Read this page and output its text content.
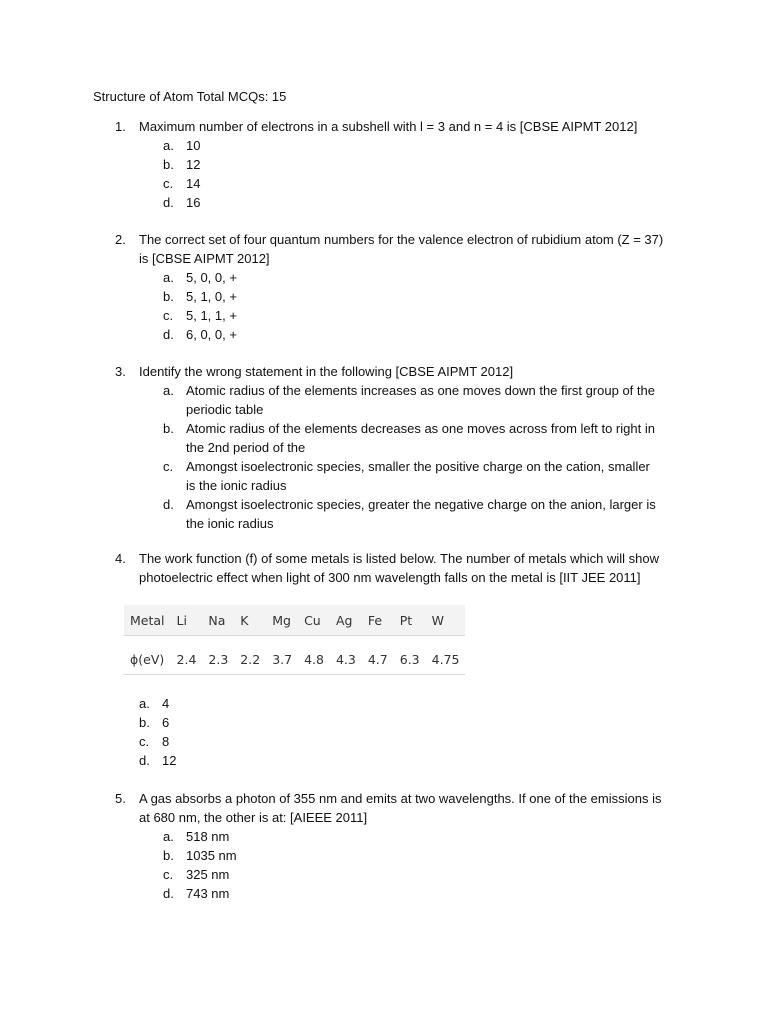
Structure of Atom Total MCQs: 15
1. Maximum number of electrons in a subshell with l = 3 and n = 4 is [CBSE AIPMT 2012]
a. 10
b. 12
c. 14
d. 16
2. The correct set of four quantum numbers for the valence electron of rubidium atom (Z = 37) is [CBSE AIPMT 2012]
a. 5, 0, 0, +
b. 5, 1, 0, +
c. 5, 1, 1, +
d. 6, 0, 0, +
3. Identify the wrong statement in the following [CBSE AIPMT 2012]
a. Atomic radius of the elements increases as one moves down the first group of the periodic table
b. Atomic radius of the elements decreases as one moves across from left to right in the 2nd period of the
c. Amongst isoelectronic species, smaller the positive charge on the cation, smaller is the ionic radius
d. Amongst isoelectronic species, greater the negative charge on the anion, larger is the ionic radius
4. The work function (f) of some metals is listed below. The number of metals which will show photoelectric effect when light of 300 nm wavelength falls on the metal is [IIT JEE 2011]
Metal	Li	Na	K	Mg	Cu	Ag	Fe	Pt	W

ϕ(eV)	2.4	2.3	2.2	3.7	4.8	4.3	4.7	6.3	4.75
a. 4
b. 6
c. 8
d. 12
5. A gas absorbs a photon of 355 nm and emits at two wavelengths. If one of the emissions is at 680 nm, the other is at: [AIEEE 2011]
a. 518 nm
b. 1035 nm
c. 325 nm
d. 743 nm
